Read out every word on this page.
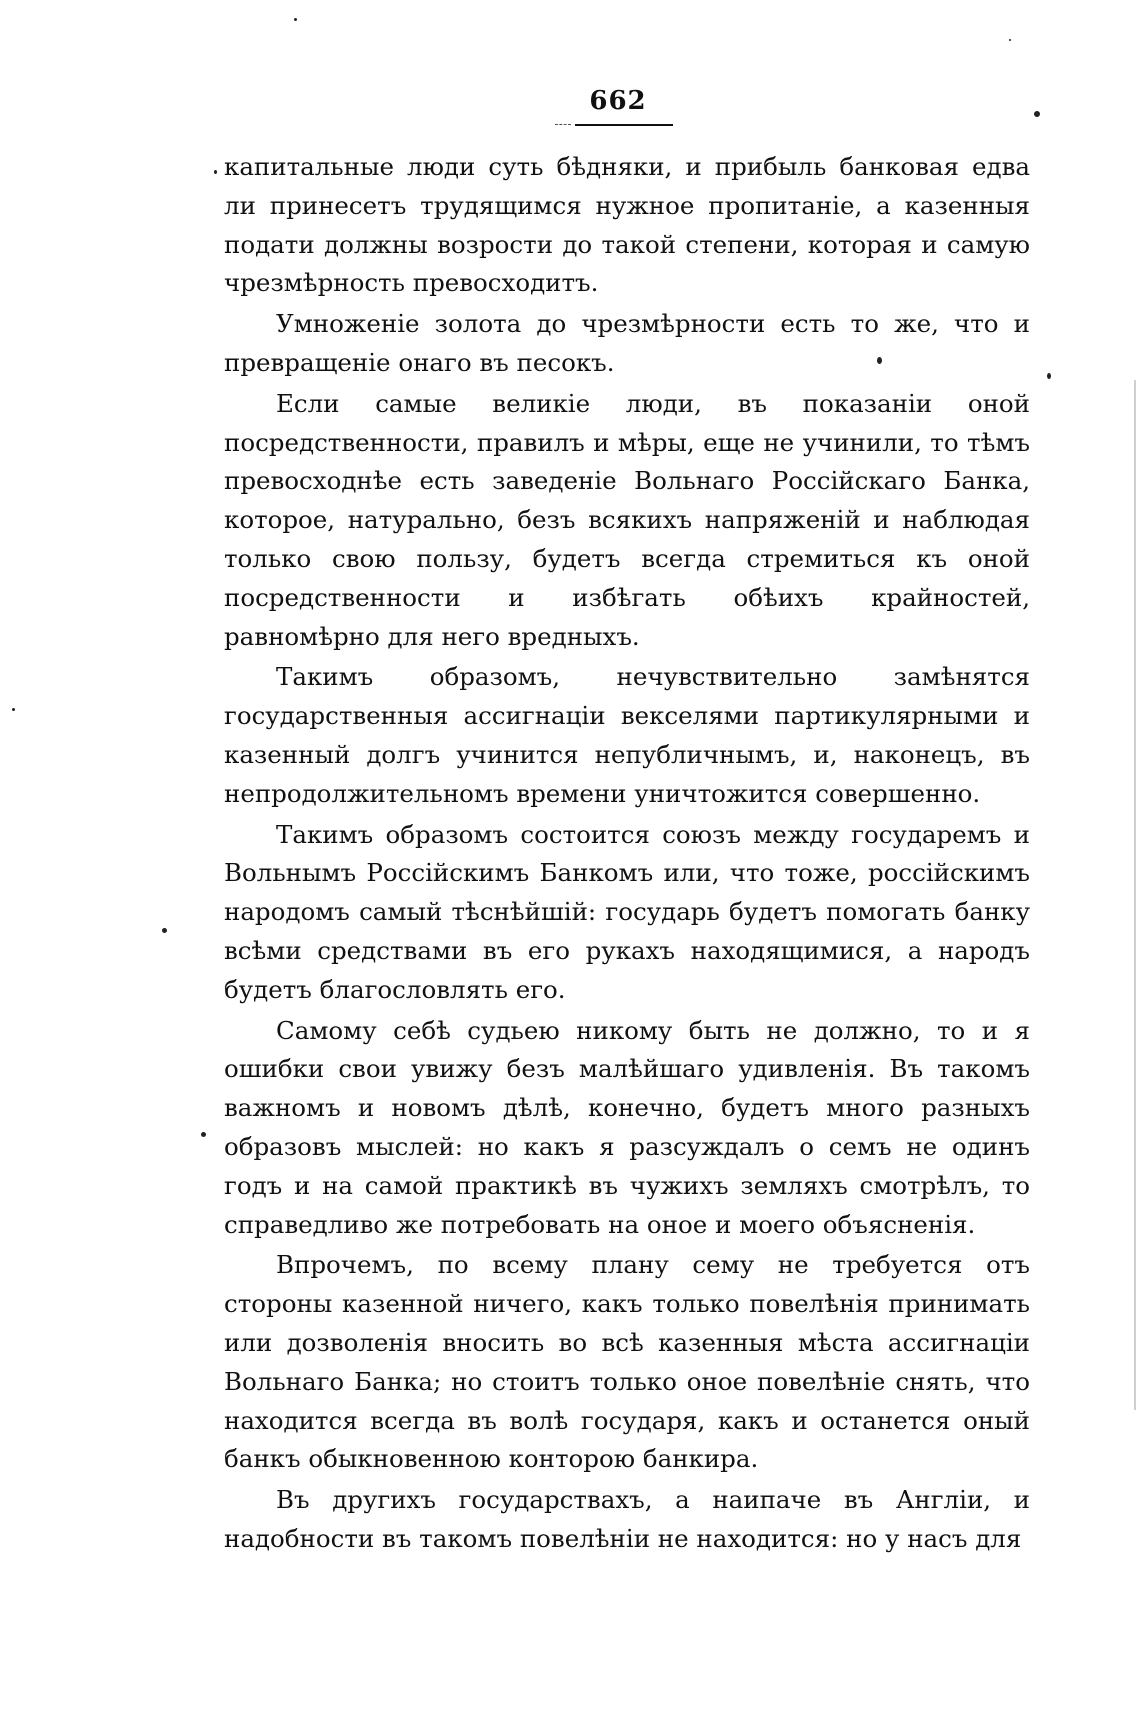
662

капитальные люди суть бѣдняки, и прибыль банковая едва ли принесетъ трудящимся нужное пропитаніе, а казенныя подати должны возрости до такой степени, которая и самую чрезмѣрность превосходитъ.

Умноженіе золота до чрезмѣрности есть то же, что и превращеніе онаго въ песокъ.

Если самые великіе люди, въ показаніи оной посредственности, правилъ и мѣры, еще не учинили, то тѣмъ превосходнѣе есть заведеніе Вольнаго Россійскаго Банка, которое, натурально, безъ всякихъ напряженій и наблюдая только свою пользу, будетъ всегда стремиться къ оной посредственности и избѣгать обѣихъ крайностей, равномѣрно для него вредныхъ.

Такимъ образомъ, нечувствительно замѣнятся государственныя ассигнаціи векселями партикулярными и казенный долгъ учинится непубличнымъ, и, наконецъ, въ непродолжительномъ времени уничтожится совершенно.

Такимъ образомъ состоится союзъ между государемъ и Вольнымъ Россійскимъ Банкомъ или, что тоже, россійскимъ народомъ самый тѣснѣйшій: государь будетъ помогать банку всѣми средствами въ его рукахъ находящимися, а народъ будетъ благословлять его.

Самому себѣ судьею никому быть не должно, то и я ошибки свои увижу безъ малѣйшаго удивленія. Въ такомъ важномъ и новомъ дѣлѣ, конечно, будетъ много разныхъ образовъ мыслей: но какъ я разсуждалъ о семъ не одинъ годъ и на самой практикѣ въ чужихъ земляхъ смотрѣлъ, то справедливо же потребовать на оное и моего объясненія.

Впрочемъ, по всему плану сему не требуется отъ стороны казенной ничего, какъ только повелѣнія принимать или дозволенія вносить во всѣ казенныя мѣста ассигнаціи Вольнаго Банка; но стоитъ только оное повелѣніе снять, что находится всегда въ волѣ государя, какъ и останется оный банкъ обыкновенною конторою банкира.

Въ другихъ государствахъ, а наипаче въ Англіи, и надобности въ такомъ повелѣніи не находится: но у насъ для
